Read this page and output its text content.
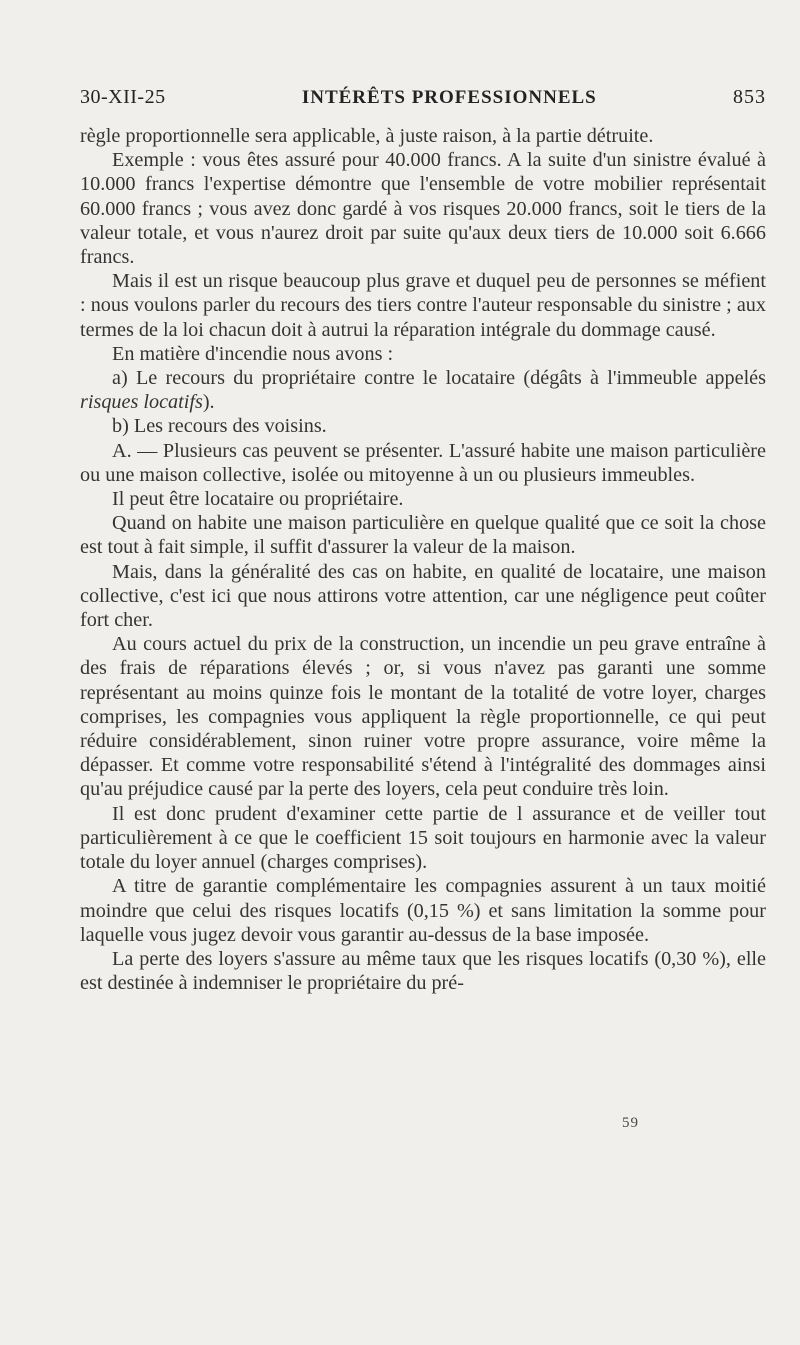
30-XII-25	INTÉRÊTS PROFESSIONNELS	853

règle proportionnelle sera applicable, à juste raison, à la partie détruite.

Exemple : vous êtes assuré pour 40.000 francs. A la suite d'un sinistre évalué à 10.000 francs l'expertise démontre que l'ensemble de votre mobilier représentait 60.000 francs ; vous avez donc gardé à vos risques 20.000 francs, soit le tiers de la valeur totale, et vous n'aurez droit par suite qu'aux deux tiers de 10.000 soit 6.666 francs.

Mais il est un risque beaucoup plus grave et duquel peu de personnes se méfient : nous voulons parler du recours des tiers contre l'auteur responsable du sinistre ; aux termes de la loi chacun doit à autrui la réparation intégrale du dommage causé.

En matière d'incendie nous avons :

a) Le recours du propriétaire contre le locataire (dégâts à l'immeuble appelés risques locatifs).

b) Les recours des voisins.

A. — Plusieurs cas peuvent se présenter. L'assuré habite une maison particulière ou une maison collective, isolée ou mitoyenne à un ou plusieurs immeubles.

Il peut être locataire ou propriétaire.

Quand on habite une maison particulière en quelque qualité que ce soit la chose est tout à fait simple, il suffit d'assurer la valeur de la maison.

Mais, dans la généralité des cas on habite, en qualité de locataire, une maison collective, c'est ici que nous attirons votre attention, car une négligence peut coûter fort cher.

Au cours actuel du prix de la construction, un incendie un peu grave entraîne à des frais de réparations élevés ; or, si vous n'avez pas garanti une somme représentant au moins quinze fois le montant de la totalité de votre loyer, charges comprises, les compagnies vous appliquent la règle proportionnelle, ce qui peut réduire considérablement, sinon ruiner votre propre assurance, voire même la dépasser. Et comme votre responsabilité s'étend à l'intégralité des dommages ainsi qu'au préjudice causé par la perte des loyers, cela peut conduire très loin.

Il est donc prudent d'examiner cette partie de l assurance et de veiller tout particulièrement à ce que le coefficient 15 soit toujours en harmonie avec la valeur totale du loyer annuel (charges comprises).

A titre de garantie complémentaire les compagnies assurent à un taux moitié moindre que celui des risques locatifs (0,15 %) et sans limitation la somme pour laquelle vous jugez devoir vous garantir au-dessus de la base imposée.

La perte des loyers s'assure au même taux que les risques locatifs (0,30 %), elle est destinée à indemniser le propriétaire du pré-

59
